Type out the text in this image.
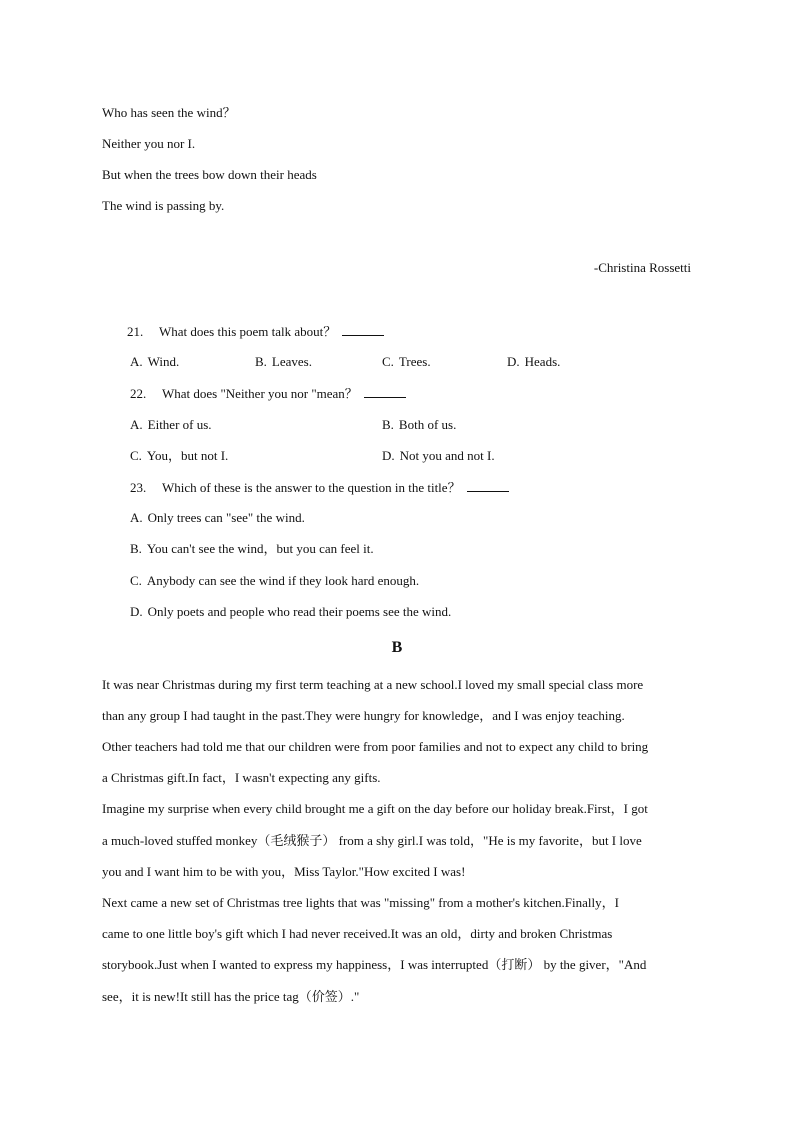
Who has seen the wind？
Neither you nor I.
But when the trees bow down their heads
The wind is passing by.
-Christina Rossetti
21. What does this poem talk about？
A. Wind.	B. Leaves.	C. Trees.	D. Heads.
22. What does "Neither you nor "mean？
A. Either of us.	B. Both of us.
C. You，but not I.	D. Not you and not I.
23. Which of these is the answer to the question in the title？
A. Only trees can "see" the wind.
B. You can't see the wind，but you can feel it.
C. Anybody can see the wind if they look hard enough.
D. Only poets and people who read their poems see the wind.
B
It was near Christmas during my first term teaching at a new school.I loved my small special class more
than any group I had taught in the past.They were hungry for knowledge，and I was enjoy teaching.
Other teachers had told me that our children were from poor families and not to expect any child to bring
a Christmas gift.In fact，I wasn't expecting any gifts.
Imagine my surprise when every child brought me a gift on the day before our holiday break.First，I got
a much-loved stuffed monkey（毛绒猴子） from a shy girl.I was told，"He is my favorite，but I love
you and I want him to be with you，Miss Taylor."How excited I was!
Next came a new set of Christmas tree lights that was "missing" from a mother's kitchen.Finally，I
came to one little boy's gift which I had never received.It was an old，dirty and broken Christmas
storybook.Just when I wanted to express my happiness，I was interrupted（打断） by the giver，"And
see，it is new!It still has the price tag（价签）."
